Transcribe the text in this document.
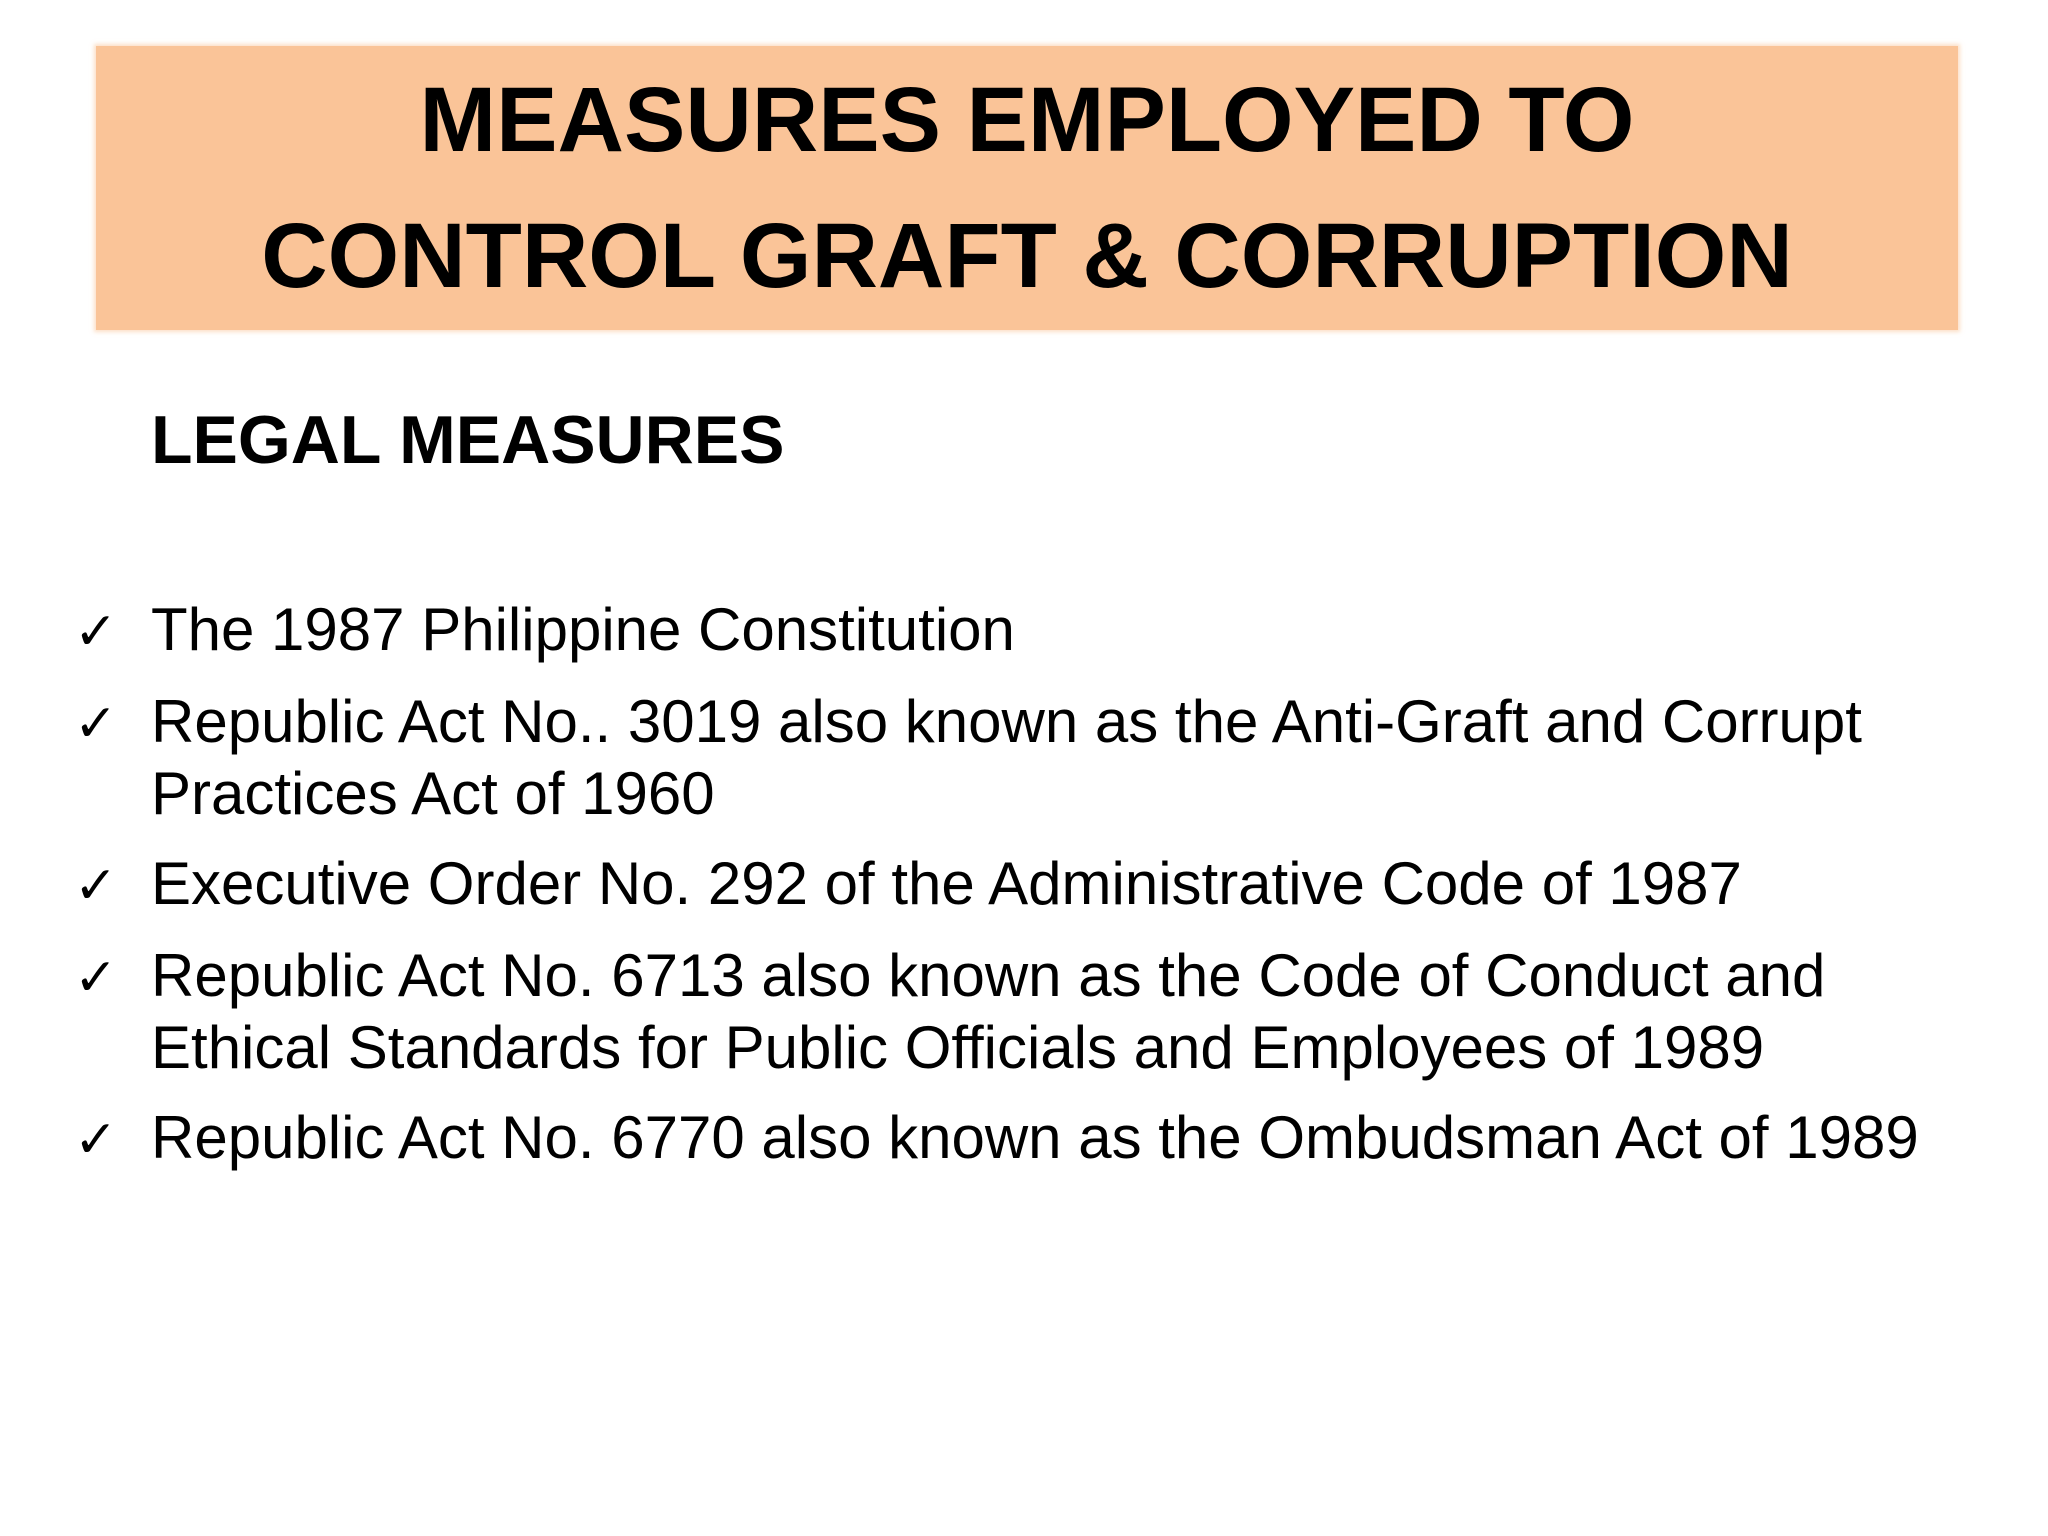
MEASURES EMPLOYED TO
CONTROL GRAFT & CORRUPTION
LEGAL MEASURES
✓ The 1987 Philippine Constitution
✓ Republic Act No.. 3019 also known as the Anti-Graft and Corrupt Practices Act of 1960
✓ Executive Order No. 292 of the Administrative Code of 1987
✓ Republic Act No. 6713 also known as the Code of Conduct and Ethical Standards for Public Officials and Employees of 1989
✓ Republic Act No. 6770 also known as the Ombudsman Act of 1989
